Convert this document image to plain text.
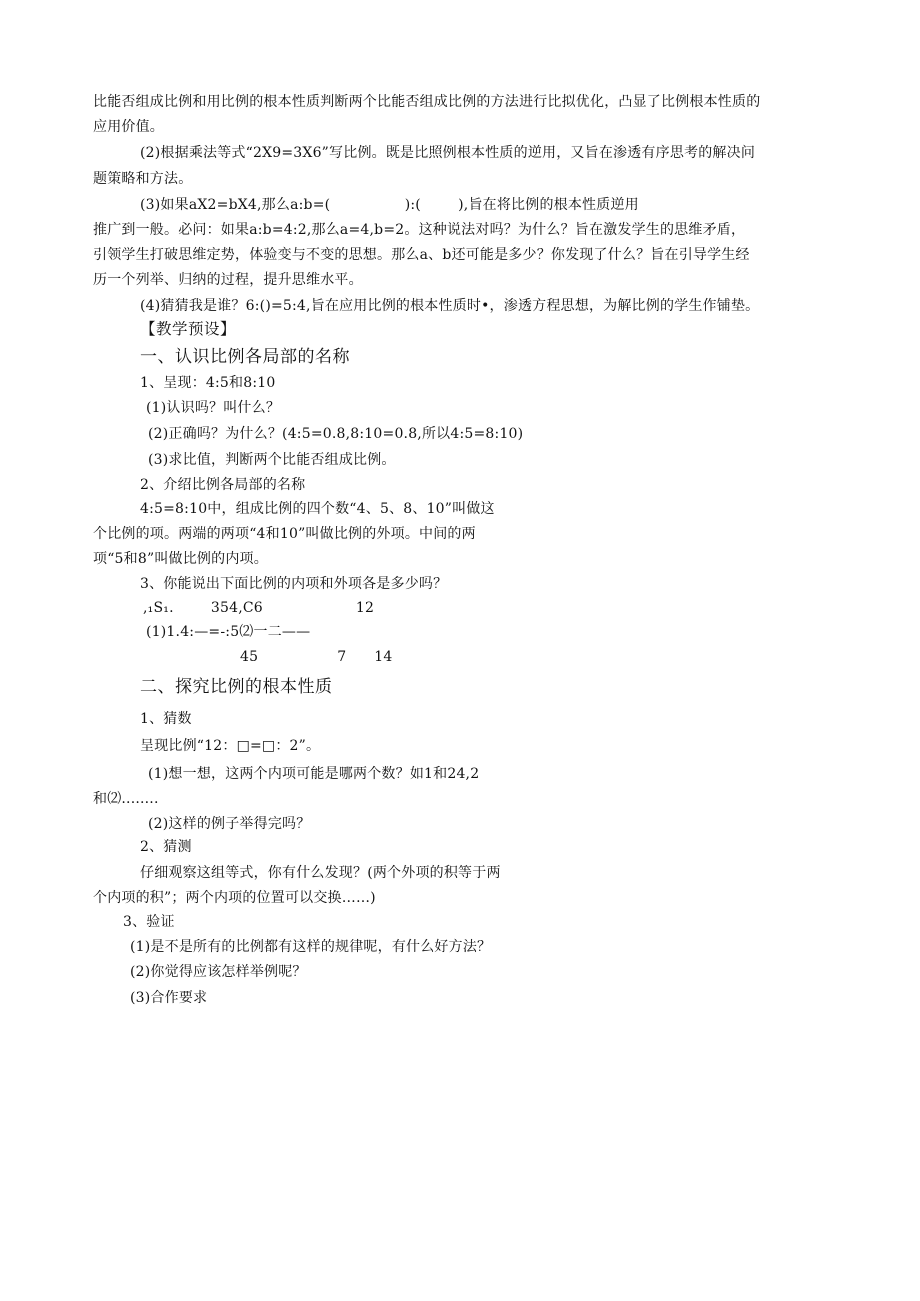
比能否组成比例和用比例的根本性质判断两个比能否组成比例的方法进行比拟优化，凸显了比例根本性质的
应用价值。
(2)根据乘法等式“2X9=3X6”写比例。既是比照例根本性质的逆用，又旨在渗透有序思考的解决问
题策略和方法。
(3)如果aX2=bX4,那么a:b=(                ):(        ),旨在将比例的根本性质逆用
推广到一般。必问：如果a:b=4:2,那么a=4,b=2。这种说法对吗？为什么？旨在激发学生的思维矛盾，
引领学生打破思维定势，体验变与不变的思想。那么a、b还可能是多少？你发现了什么？旨在引导学生经
历一个列举、归纳的过程，提升思维水平。
(4)猜猜我是谁？6:()=5:4,旨在应用比例的根本性质时•，渗透方程思想，为解比例的学生作铺垫。
【教学预设】
一、认识比例各局部的名称
1、呈现：4:5和8:10
(1)认识吗？叫什么？
(2)正确吗？为什么？(4:5=0.8,8:10=0.8,所以4:5=8:10)
(3)求比值，判断两个比能否组成比例。
2、介绍比例各局部的名称
4:5=8:10中，组成比例的四个数“4、5、8、10”叫做这
个比例的项。两端的两项“4和10”叫做比例的外项。中间的两
项“5和8”叫做比例的内项。
3、你能说出下面比例的内项和外项各是多少吗？
,₁S₁.        354,C6                    12
(1)1.4:—=-:5⑵一二——
45                 7      14
二、探究比例的根本性质
1、猜数
呈现比例“12：□=□：2”。
(1)想一想，这两个内项可能是哪两个数？如1和24,2
和⑵........
(2)这样的例子举得完吗？
2、猜测
仔细观察这组等式，你有什么发现？(两个外项的积等于两
个内项的积”；两个内项的位置可以交换……)
3、验证
(1)是不是所有的比例都有这样的规律呢，有什么好方法？
(2)你觉得应该怎样举例呢？
(3)合作要求
